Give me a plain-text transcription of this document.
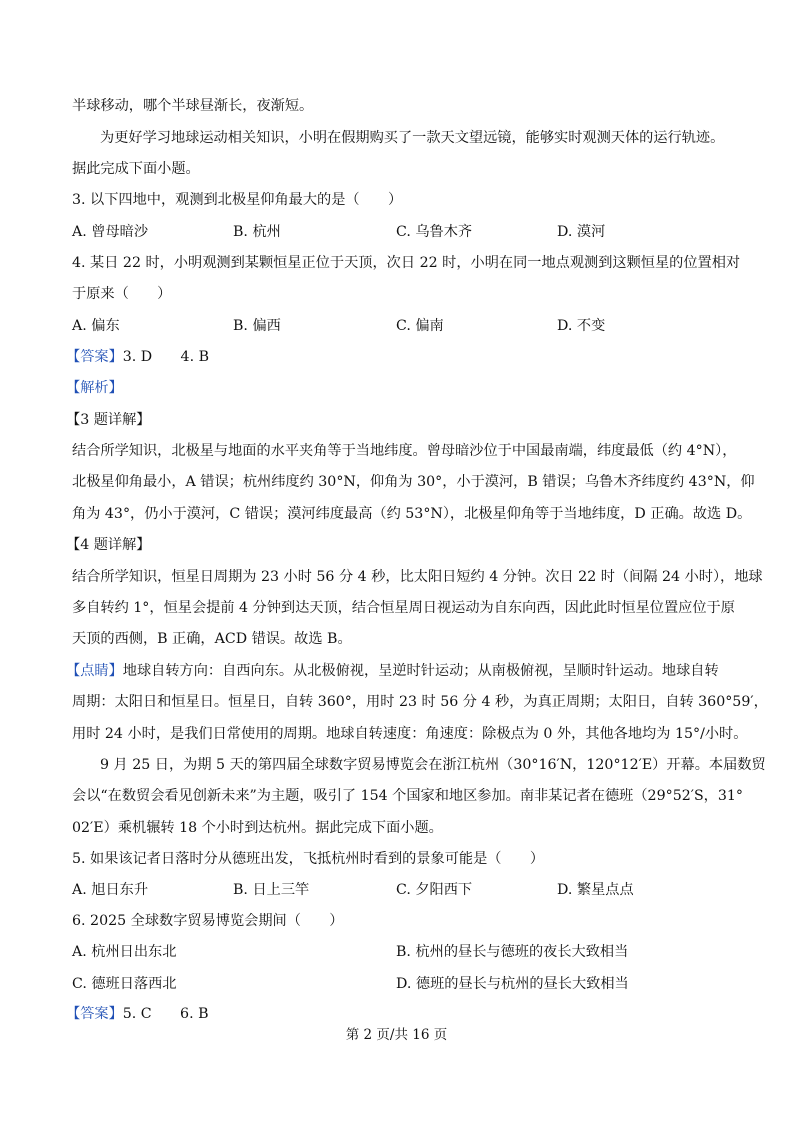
半球移动，哪个半球昼渐长，夜渐短。
为更好学习地球运动相关知识，小明在假期购买了一款天文望远镜，能够实时观测天体的运行轨迹。
据此完成下面小题。
3. 以下四地中，观测到北极星仰角最大的是（　　）
A. 曾母暗沙	B. 杭州	C. 乌鲁木齐	D. 漠河
4. 某日 22 时，小明观测到某颗恒星正位于天顶，次日 22 时，小明在同一地点观测到这颗恒星的位置相对
于原来（　　）
A. 偏东	B. 偏西	C. 偏南	D. 不变
【答案】3. D　　4. B
【解析】
【3 题详解】
结合所学知识，北极星与地面的水平夹角等于当地纬度。曾母暗沙位于中国最南端，纬度最低（约 4°N），
北极星仰角最小，A 错误；杭州纬度约 30°N，仰角为 30°，小于漠河，B 错误；乌鲁木齐纬度约 43°N，仰
角为 43°，仍小于漠河，C 错误；漠河纬度最高（约 53°N），北极星仰角等于当地纬度，D 正确。故选 D。
【4 题详解】
结合所学知识，恒星日周期为 23 小时 56 分 4 秒，比太阳日短约 4 分钟。次日 22 时（间隔 24 小时），地球
多自转约 1°，恒星会提前 4 分钟到达天顶，结合恒星周日视运动为自东向西，因此此时恒星位置应位于原
天顶的西侧，B 正确，ACD 错误。故选 B。
【点睛】地球自转方向：自西向东。从北极俯视，呈逆时针运动；从南极俯视，呈顺时针运动。地球自转
周期：太阳日和恒星日。恒星日，自转 360°，用时 23 时 56 分 4 秒，为真正周期；太阳日，自转 360°59′，
用时 24 小时，是我们日常使用的周期。地球自转速度：角速度：除极点为 0 外，其他各地均为 15°/小时。
9 月 25 日，为期 5 天的第四届全球数字贸易博览会在浙江杭州（30°16′N，120°12′E）开幕。本届数贸
会以“在数贸会看见创新未来”为主题，吸引了 154 个国家和地区参加。南非某记者在德班（29°52′S，31°
02′E）乘机辗转 18 个小时到达杭州。据此完成下面小题。
5. 如果该记者日落时分从德班出发，飞抵杭州时看到的景象可能是（　　）
A. 旭日东升	B. 日上三竿	C. 夕阳西下	D. 繁星点点
6. 2025 全球数字贸易博览会期间（　　）
A. 杭州日出东北	B. 杭州的昼长与德班的夜长大致相当
C. 德班日落西北	D. 德班的昼长与杭州的昼长大致相当
【答案】5. C　　6. B
第 2 页/共 16 页
